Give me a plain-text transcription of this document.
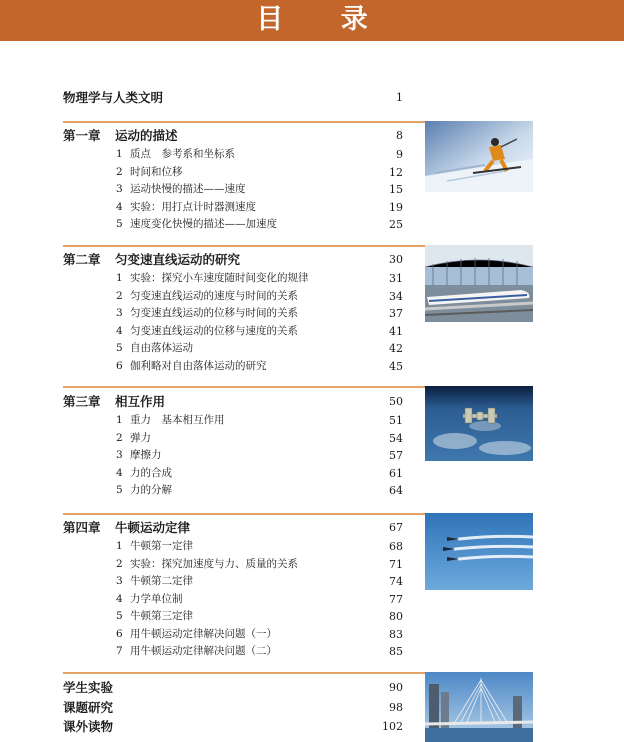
目 录
物理学与人类文明	1
第一章 运动的描述	8
1 质点　参考系和坐标系	9
2 时间和位移	12
3 运动快慢的描述——速度	15
4 实验：用打点计时器测速度	19
5 速度变化快慢的描述——加速度	25
第二章 匀变速直线运动的研究	30
1 实验：探究小车速度随时间变化的规律	31
2 匀变速直线运动的速度与时间的关系	34
3 匀变速直线运动的位移与时间的关系	37
4 匀变速直线运动的位移与速度的关系	41
5 自由落体运动	42
6 伽利略对自由落体运动的研究	45
第三章 相互作用	50
1 重力　基本相互作用	51
2 弹力	54
3 摩擦力	57
4 力的合成	61
5 力的分解	64
第四章 牛顿运动定律	67
1 牛顿第一定律	68
2 实验：探究加速度与力、质量的关系	71
3 牛顿第二定律	74
4 力学单位制	77
5 牛顿第三定律	80
6 用牛顿运动定律解决问题（一）	83
7 用牛顿运动定律解决问题（二）	85
学生实验	90
课题研究	98
课外读物	102
